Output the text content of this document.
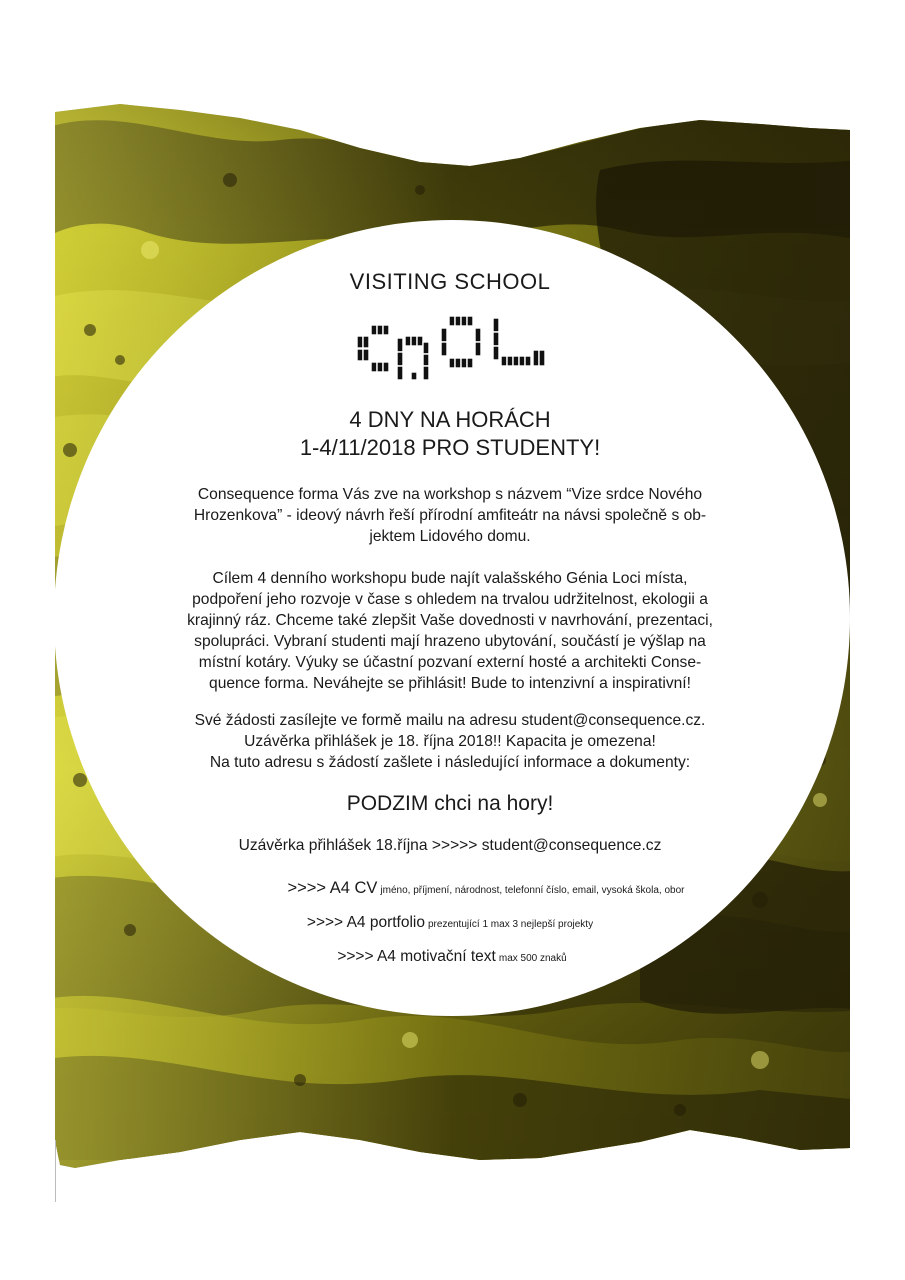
VISITING SCHOOL
4 DNY NA HORÁCH
1-4/11/2018 PRO STUDENTY!
Consequence forma Vás zve na workshop s názvem “Vize srdce Nového
Hrozenkova” - ideový návrh řeší přírodní amfiteátr na návsi společně s ob-
jektem Lidového domu.
Cílem 4 denního workshopu bude najít valašského Génia Loci místa,
podpoření jeho rozvoje v čase s ohledem na trvalou udržitelnost, ekologii a
krajinný ráz. Chceme také zlepšit Vaše dovednosti v navrhování, prezentaci,
spolupráci. Vybraní studenti mají hrazeno ubytování, součástí je výšlap na
místní kotáry. Výuky se účastní pozvaní externí hosté a architekti Conse-
quence forma. Neváhejte se přihlásit! Bude to intenzivní a inspirativní!
Své žádosti zasílejte ve formě mailu na adresu student@consequence.cz.
Uzávěrka přihlášek je 18. října 2018!! Kapacita je omezena!
Na tuto adresu s žádostí zašlete i následující informace a dokumenty:
PODZIM chci na hory!
Uzávěrka přihlášek 18.října >>>>> student@consequence.cz
>>>> A4 CV jméno, příjmení, národnost, telefonní číslo, email, vysoká škola, obor
>>>> A4 portfolio prezentující 1 max 3 nejlepší projekty
>>>> A4 motivační text max 500 znaků
